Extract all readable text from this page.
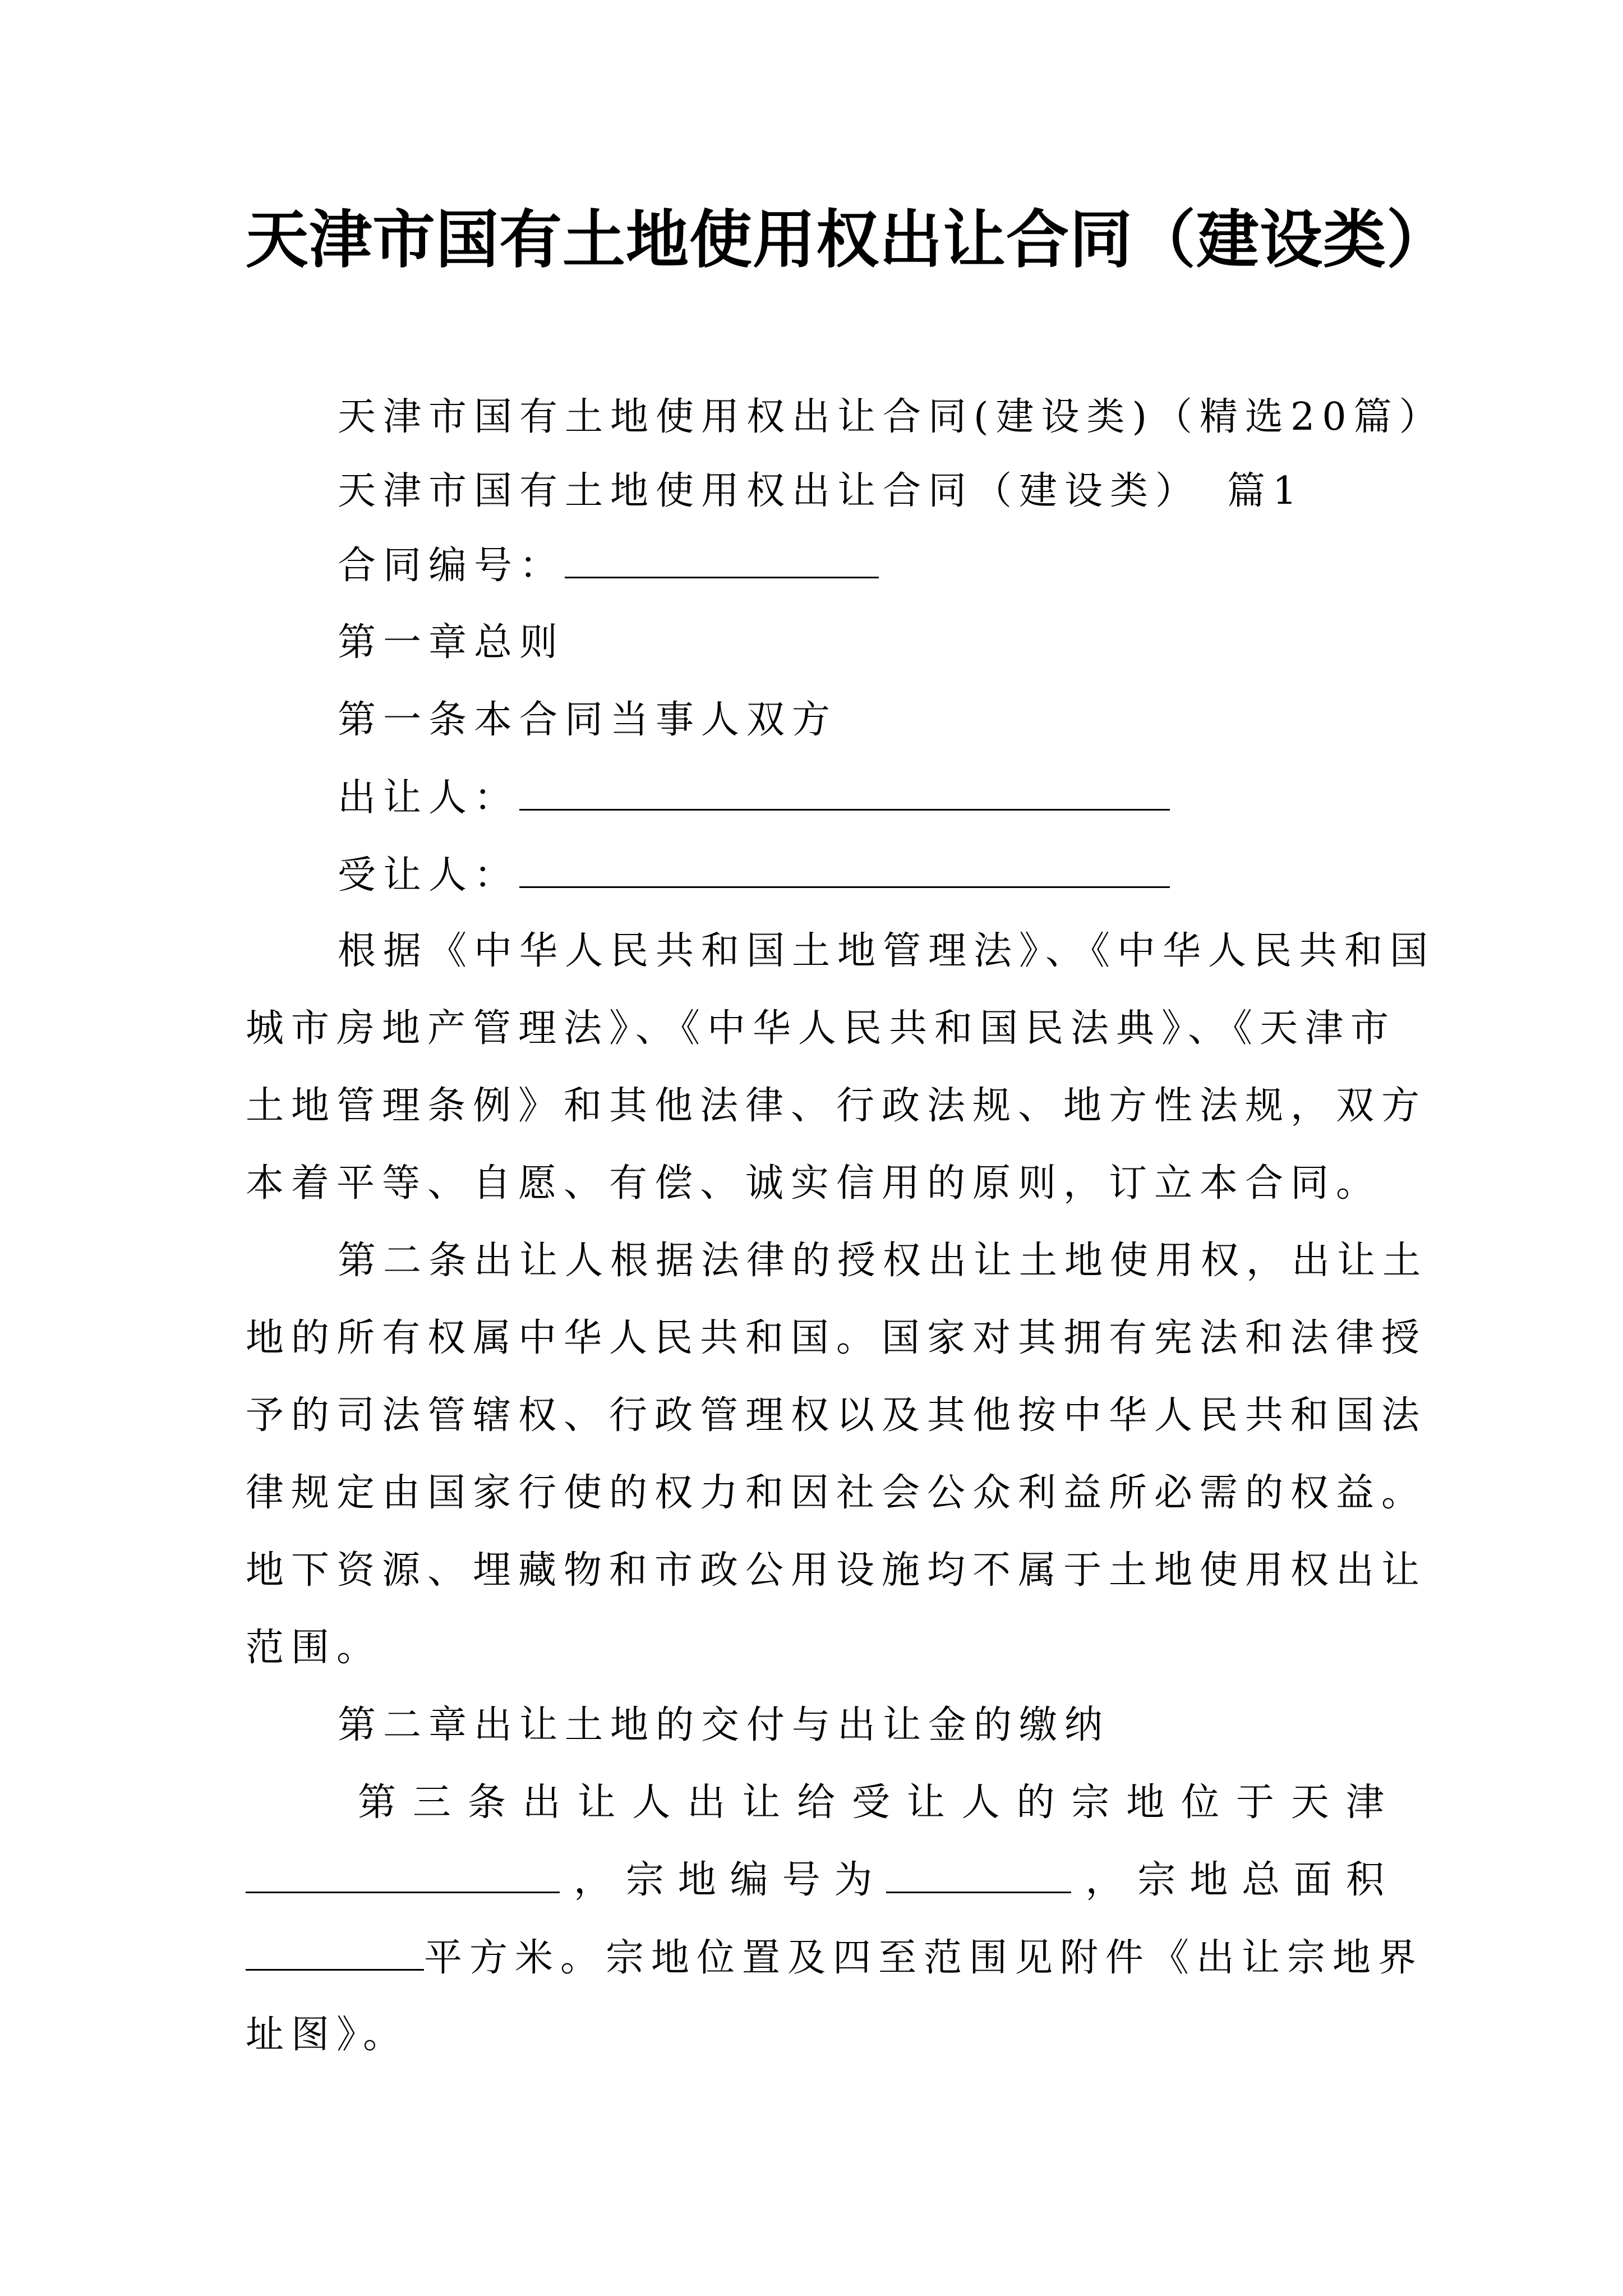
天津市国有土地使用权出让合同（建设类）
天津市国有土地使用权出让合同(建设类)（精选20篇）
天津市国有土地使用权出让合同（建设类）　篇1
合同编号：
第一章总则
第一条本合同当事人双方
出让人：
受让人：
根据《中华人民共和国土地管理法》、《中华人民共和国
城市房地产管理法》、《中华人民共和国民法典》、《天津市
土地管理条例》和其他法律、行政法规、地方性法规，双方
本着平等、自愿、有偿、诚实信用的原则，订立本合同。
第二条出让人根据法律的授权出让土地使用权，出让土
地的所有权属中华人民共和国。国家对其拥有宪法和法律授
予的司法管辖权、行政管理权以及其他按中华人民共和国法
律规定由国家行使的权力和因社会公众利益所必需的权益。
地下资源、埋藏物和市政公用设施均不属于土地使用权出让
范围。
第二章出让土地的交付与出让金的缴纳
第 三 条 出 让 人 出 让 给 受 让 人 的 宗 地 位 于 天 津
， 宗 地 编 号 为	， 宗 地 总 面 积
平方米。宗地位置及四至范围见附件《出让宗地界
址图》。
